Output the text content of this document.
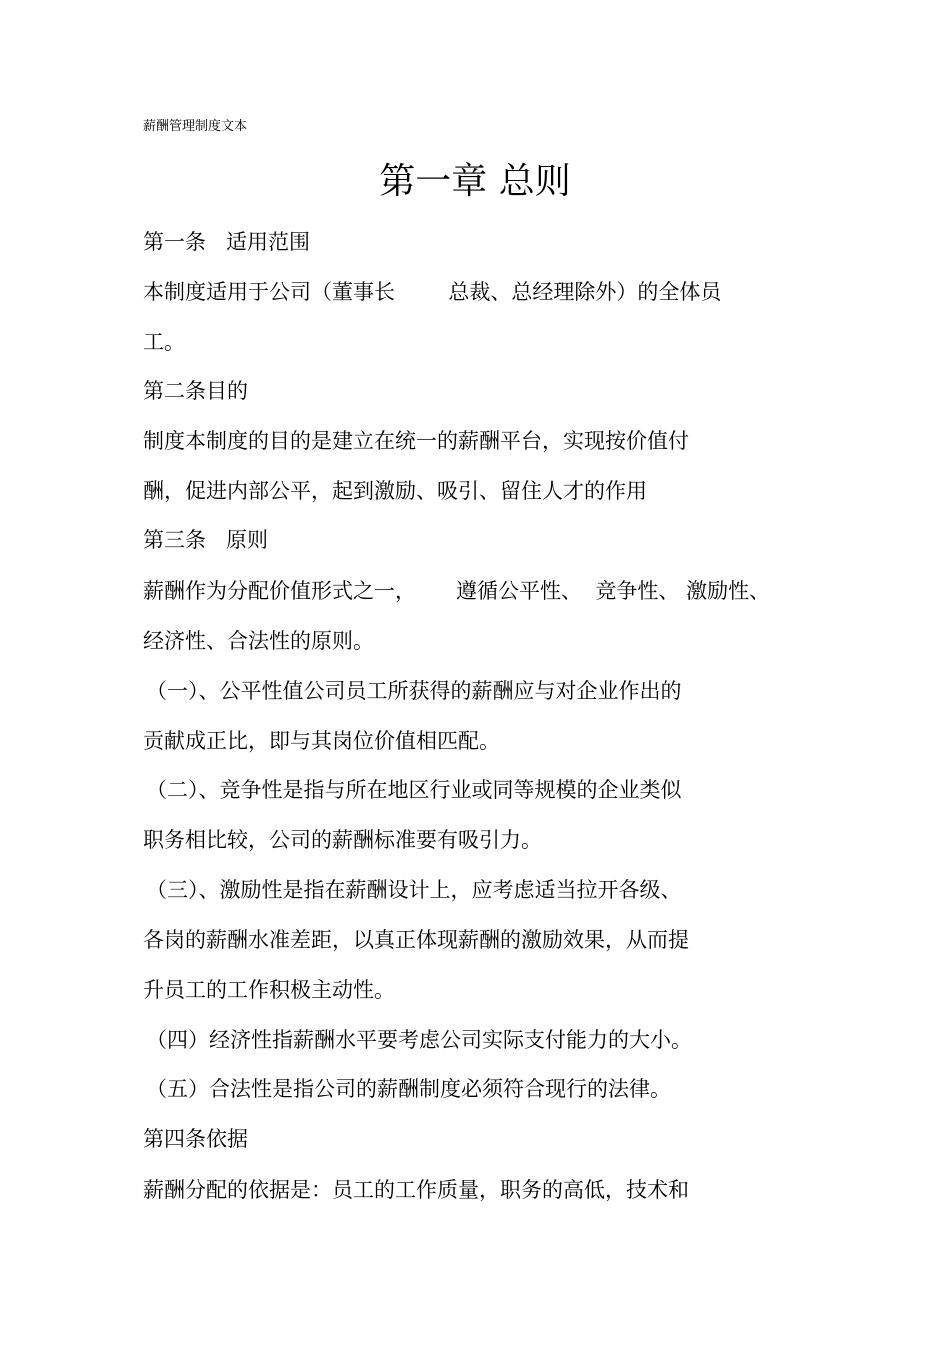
薪酬管理制度文本
第一章 总则
第一条   适用范围
本制度适用于公司（董事长        总裁、总经理除外）的全体员
工。
第二条目的
制度本制度的目的是建立在统一的薪酬平台，实现按价值付
酬，促进内部公平，起到激励、吸引、留住人才的作用
第三条   原则
薪酬作为分配价值形式之一，      遵循公平性、  竞争性、 激励性、
经济性、合法性的原则。
（一）、公平性值公司员工所获得的薪酬应与对企业作出的
贡献成正比，即与其岗位价值相匹配。
（二）、竞争性是指与所在地区行业或同等规模的企业类似
职务相比较，公司的薪酬标准要有吸引力。
（三）、激励性是指在薪酬设计上，应考虑适当拉开各级、
各岗的薪酬水准差距，以真正体现薪酬的激励效果，从而提
升员工的工作积极主动性。
（四）经济性指薪酬水平要考虑公司实际支付能力的大小。
（五）合法性是指公司的薪酬制度必须符合现行的法律。
第四条依据
薪酬分配的依据是：员工的工作质量，职务的高低，技术和
